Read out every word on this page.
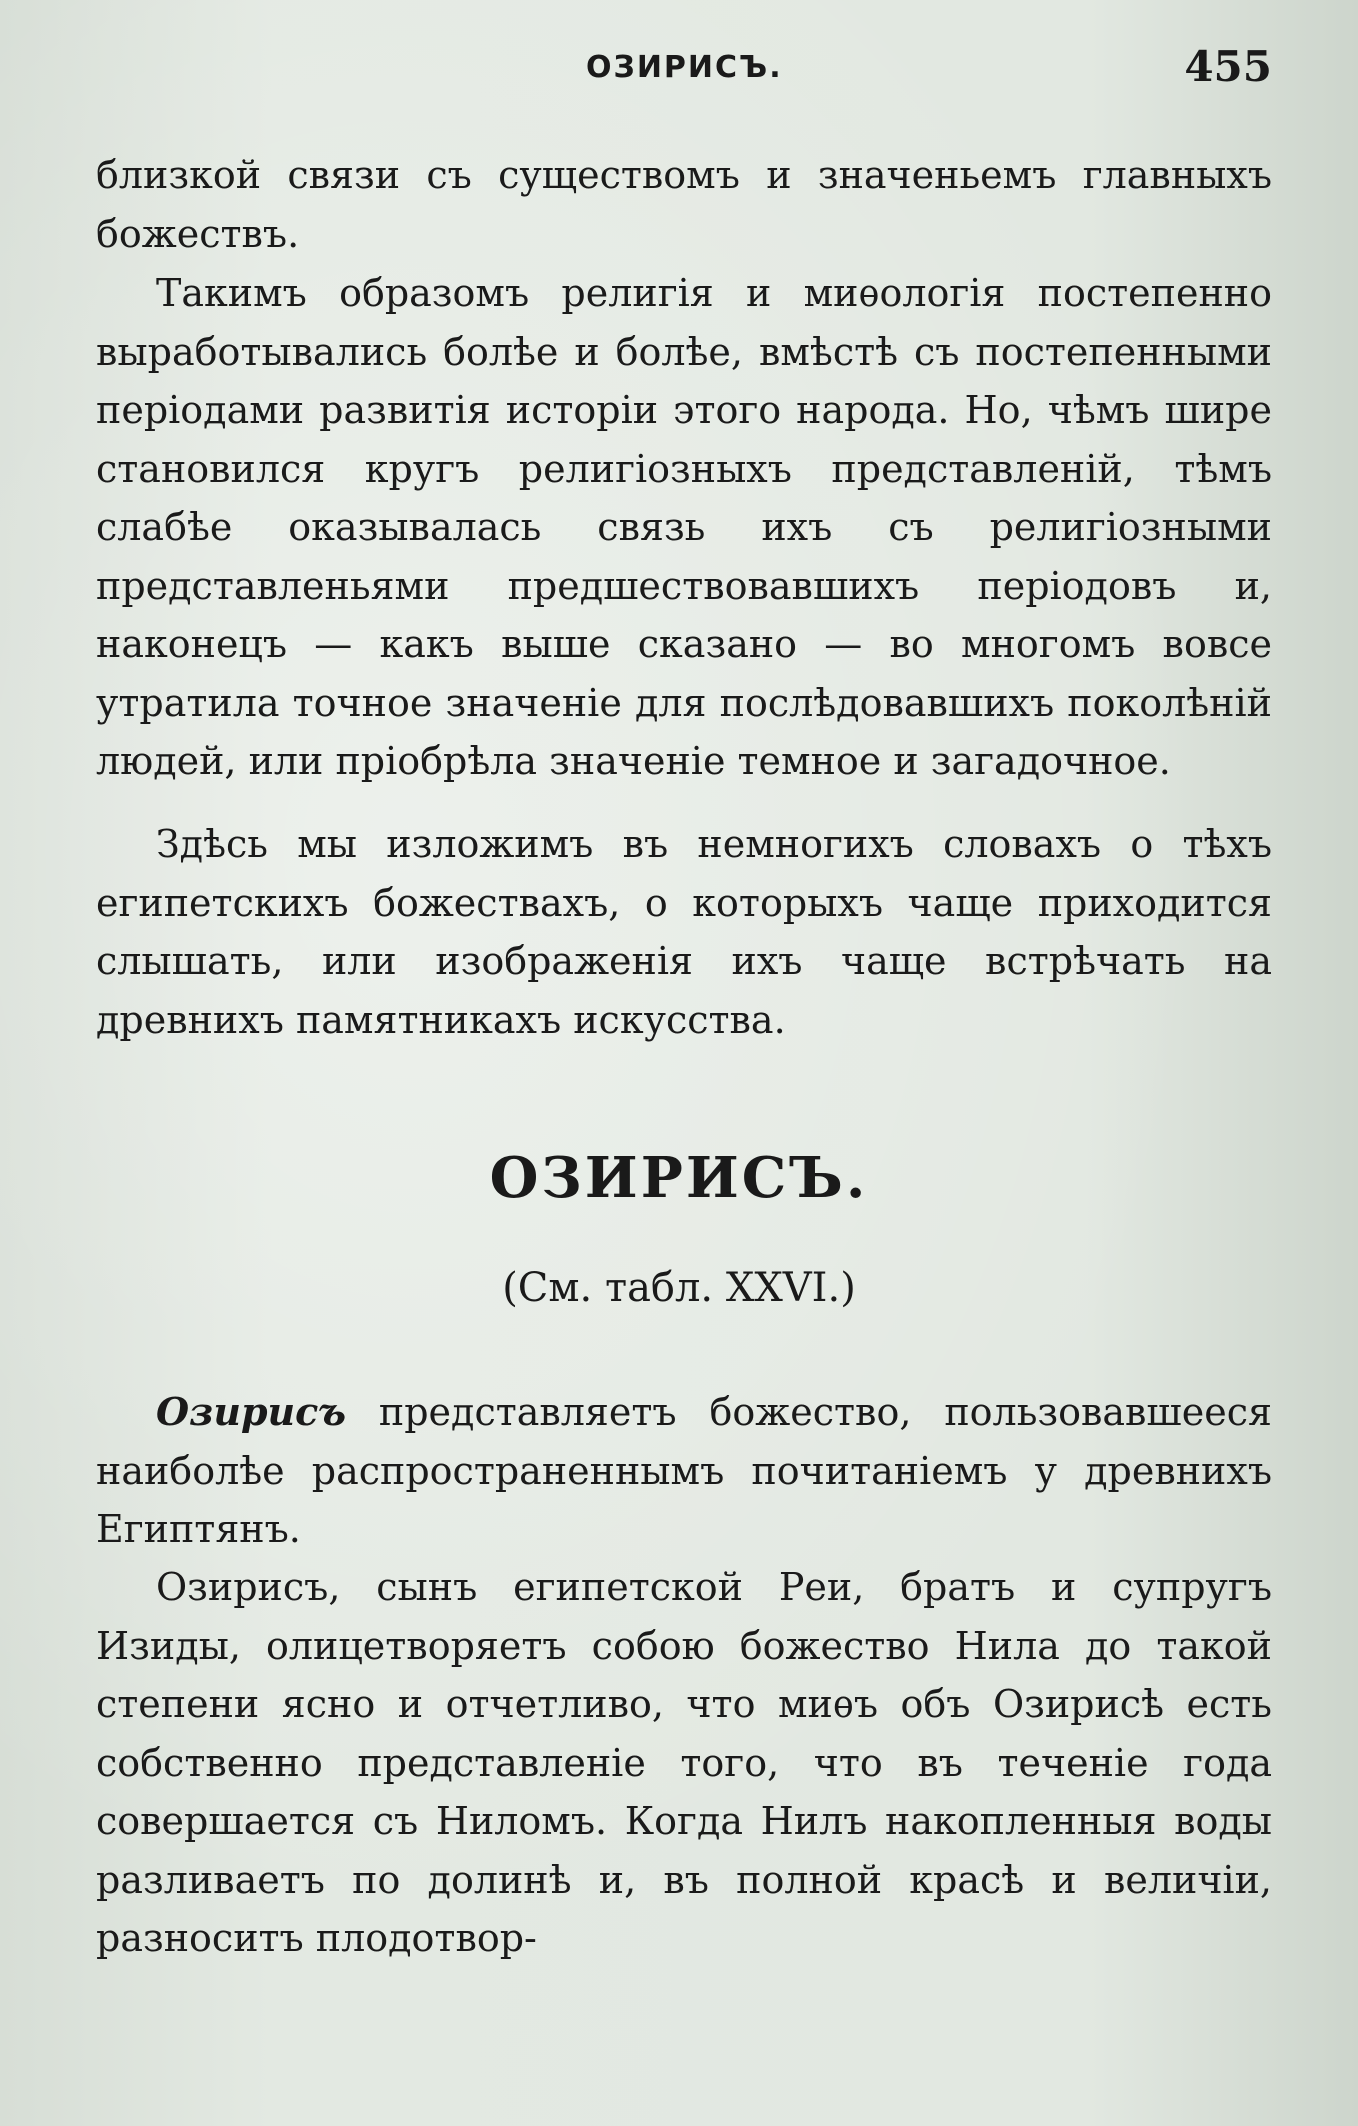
ОЗИРИСЪ.	455

близкой связи съ существомъ и значеньемъ главныхъ божествъ.

Такимъ образомъ религія и миѳологія постепенно выработывались болѣе и болѣе, вмѣстѣ съ постепенными періодами развитія исторіи этого народа. Но, чѣмъ шире становился кругъ религіозныхъ представленій, тѣмъ слабѣе оказывалась связь ихъ съ религіозными представленьями предшествовавшихъ періодовъ и, наконецъ — какъ выше сказано — во многомъ вовсе утратила точное значеніе для послѣдовавшихъ поколѣній людей, или пріобрѣла значеніе темное и загадочное.

Здѣсь мы изложимъ въ немногихъ словахъ о тѣхъ египетскихъ божествахъ, о которыхъ чаще приходится слышать, или изображенія ихъ чаще встрѣчать на древнихъ памятникахъ искусства.

ОЗИРИСЪ.

(См. табл. XXVI.)

Озирисъ представляетъ божество, пользовавшееся наиболѣе распространеннымъ почитаніемъ у древнихъ Египтянъ.

Озирисъ, сынъ египетской Реи, братъ и супругъ Изиды, олицетворяетъ собою божество Нила до такой степени ясно и отчетливо, что миѳъ объ Озирисѣ есть собственно представленіе того, что въ теченіе года совершается съ Ниломъ. Когда Нилъ накопленныя воды разливаетъ по долинѣ и, въ полной красѣ и величіи, разноситъ плодотвор-
